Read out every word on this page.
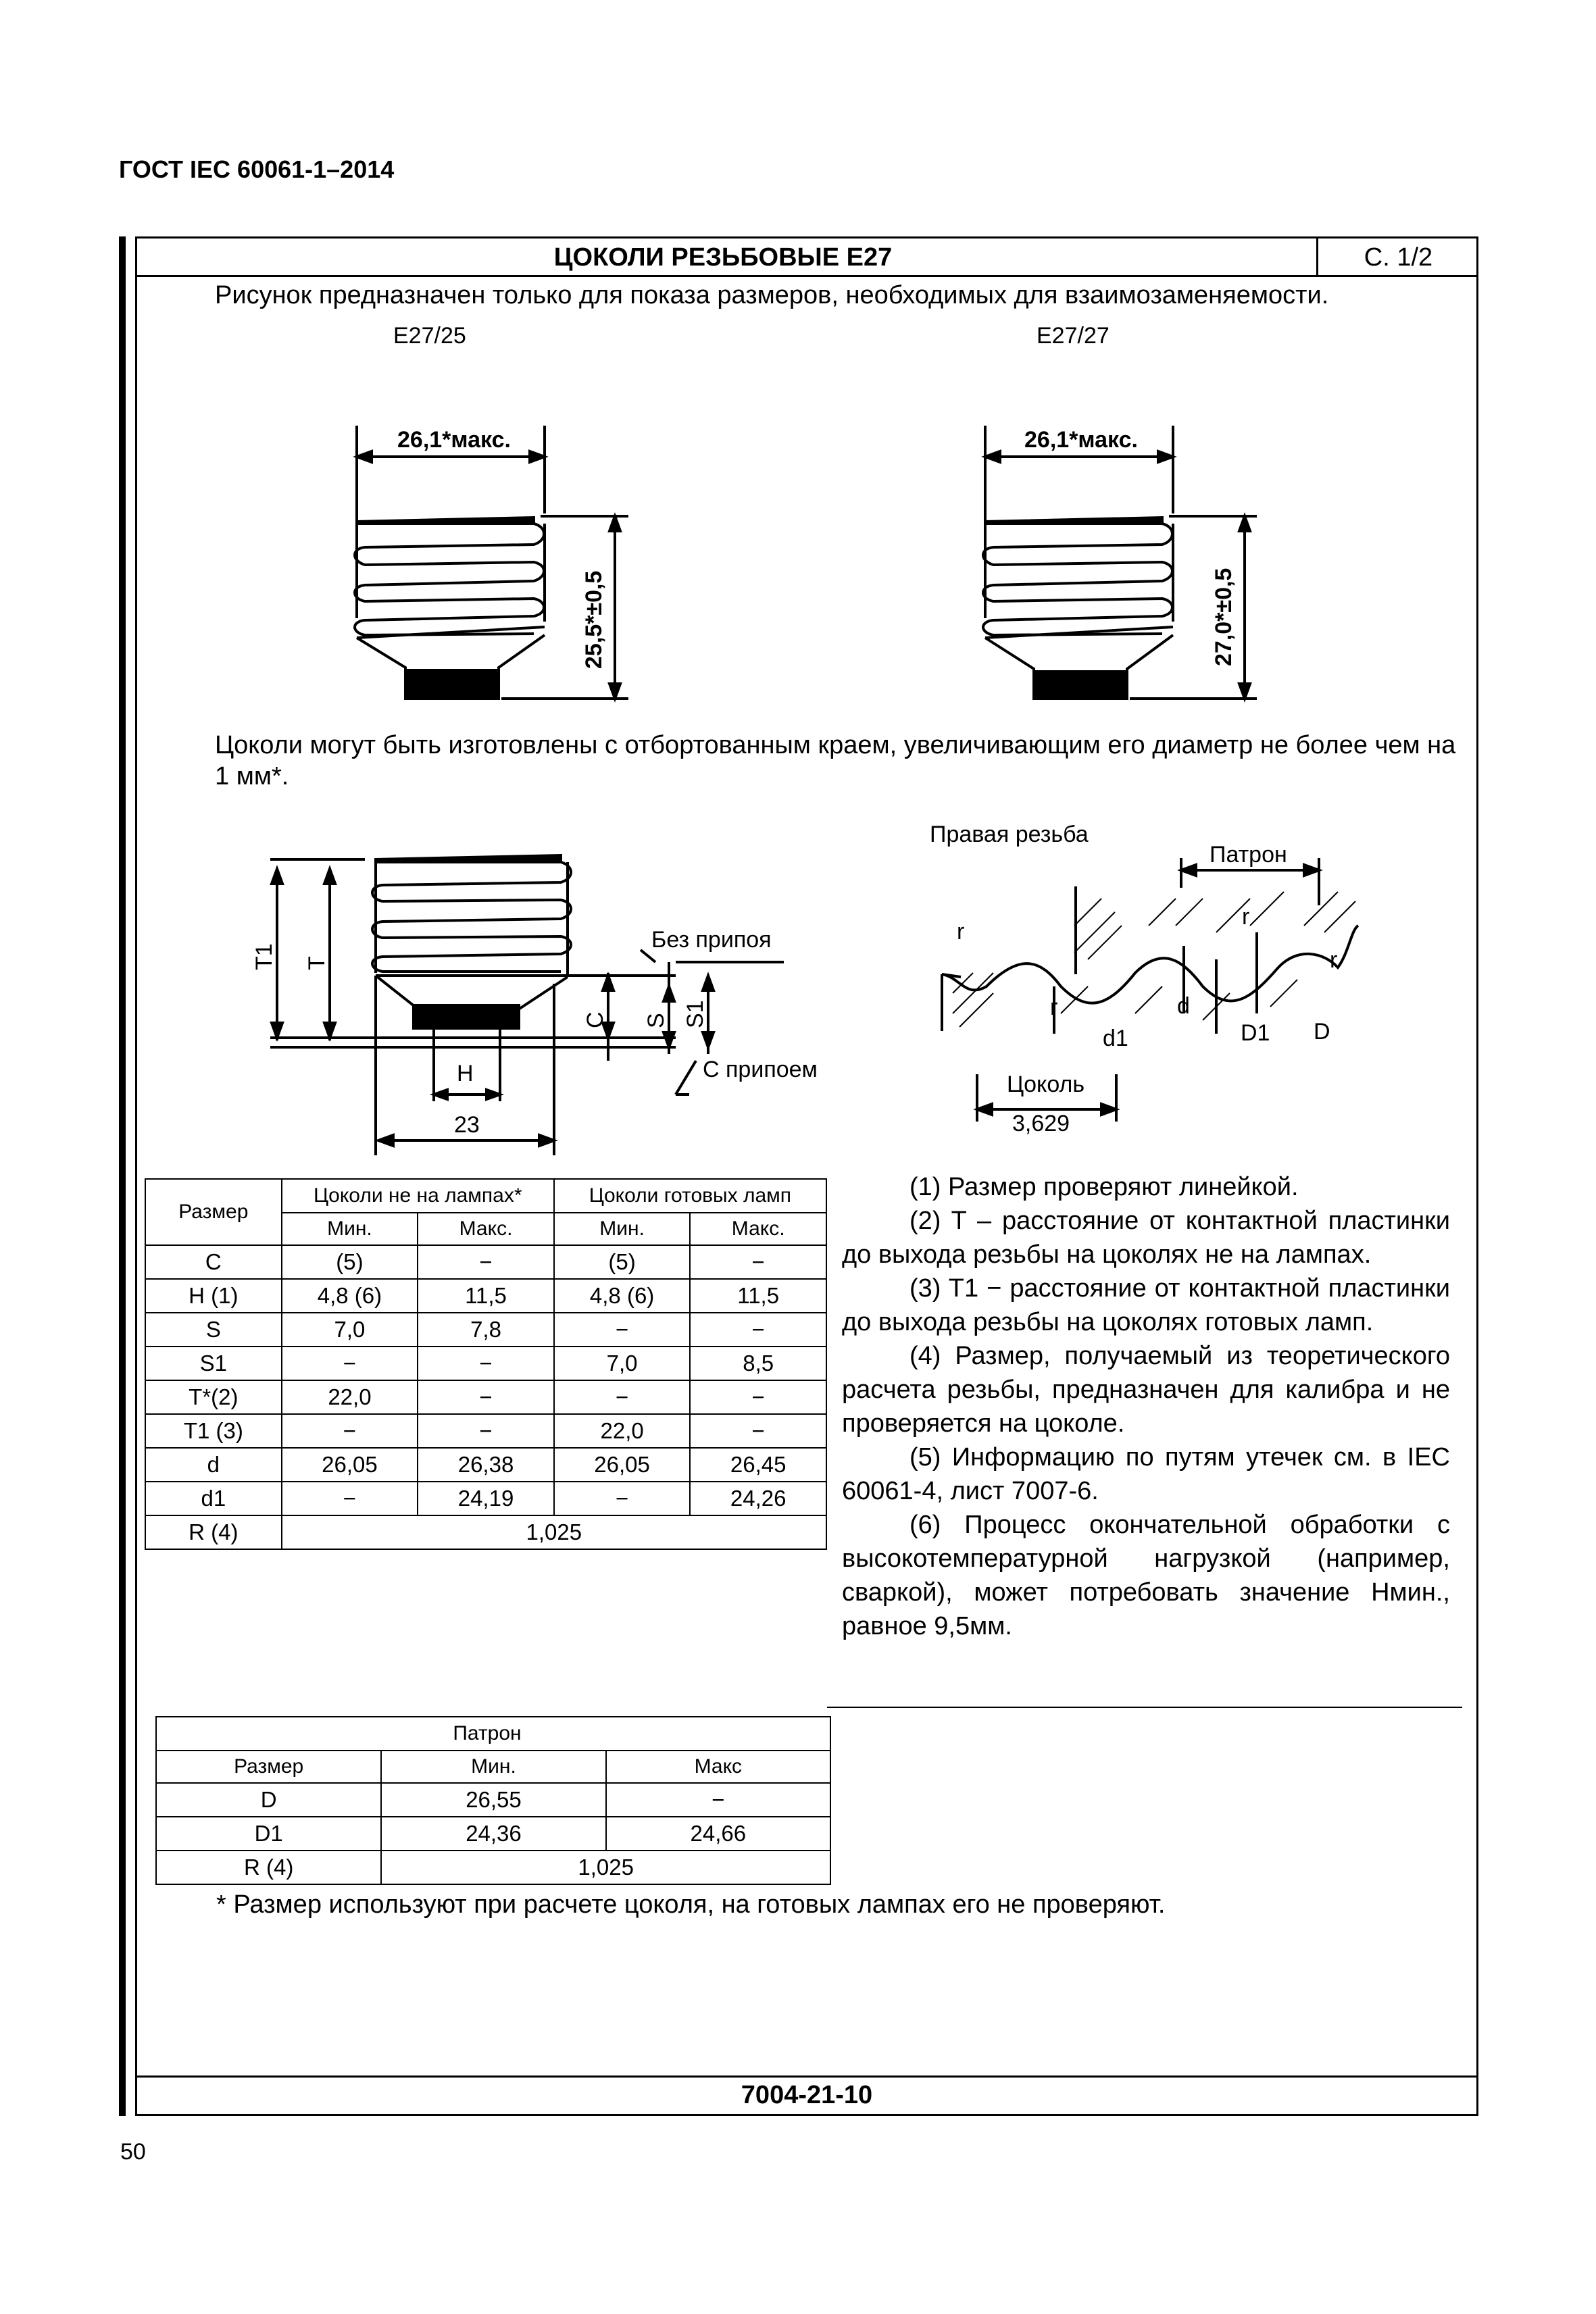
ГОСТ IEC 60061-1–2014
50
ЦОКОЛИ РЕЗЬБОВЫЕ E27	С. 1/2
7004-21-10
Рисунок предназначен только для показа размеров, необходимых для взаимозаменяемости.
E27/25	E27/27
26,1*макс.	26,1*макс.
25,5*±0,5	27,0*±0,5
Цоколи могут быть изготовлены с отбортованным краем, увеличивающим его диаметр не более чем на 1 мм*.
T1 T
C S S1
Без припоя
С припоем
H
23
Правая резьба
Патрон
Цоколь
3,629
r
r
r
r
d
d1	D1 D
Размер	Цоколи не на лампах*		Цоколи готовых ламп	
	Мин.	Макс.	Мин.	Макс.
C	(5)	−	(5)	−
H (1)	4,8 (6)	11,5	4,8 (6)	11,5
S	7,0	7,8	−	−
S1	−	−	7,0	8,5
T*(2)	22,0	−	−	−
T1 (3)	−	−	22,0	−
d	26,05	26,38	26,05	26,45
d1	−	24,19	−	24,26
R (4)	1,025			

(1) Размер проверяют линейкой.

(2) T – расстояние от контактной пластинки до выхода резьбы на цоколях не на лампах.

(3) T1 − расстояние от контактной пластинки до выхода резьбы на цоколях готовых ламп.

(4) Размер, получаемый из теоретического расчета резьбы, предназначен для калибра и не проверяется на цоколе.

(5) Информацию по путям утечек см. в IEC 60061-4, лист 7007-6.

(6) Процесс окончательной обработки с высокотемпературной нагрузкой (например, сваркой), может потребовать значение Hмин., равное 9,5мм.

	Патрон	
Размер	Мин.	Макс
D	26,55	−
D1	24,36	24,66
R (4)	1,025	
* Размер используют при расчете цоколя, на готовых лампах его не проверяют.
